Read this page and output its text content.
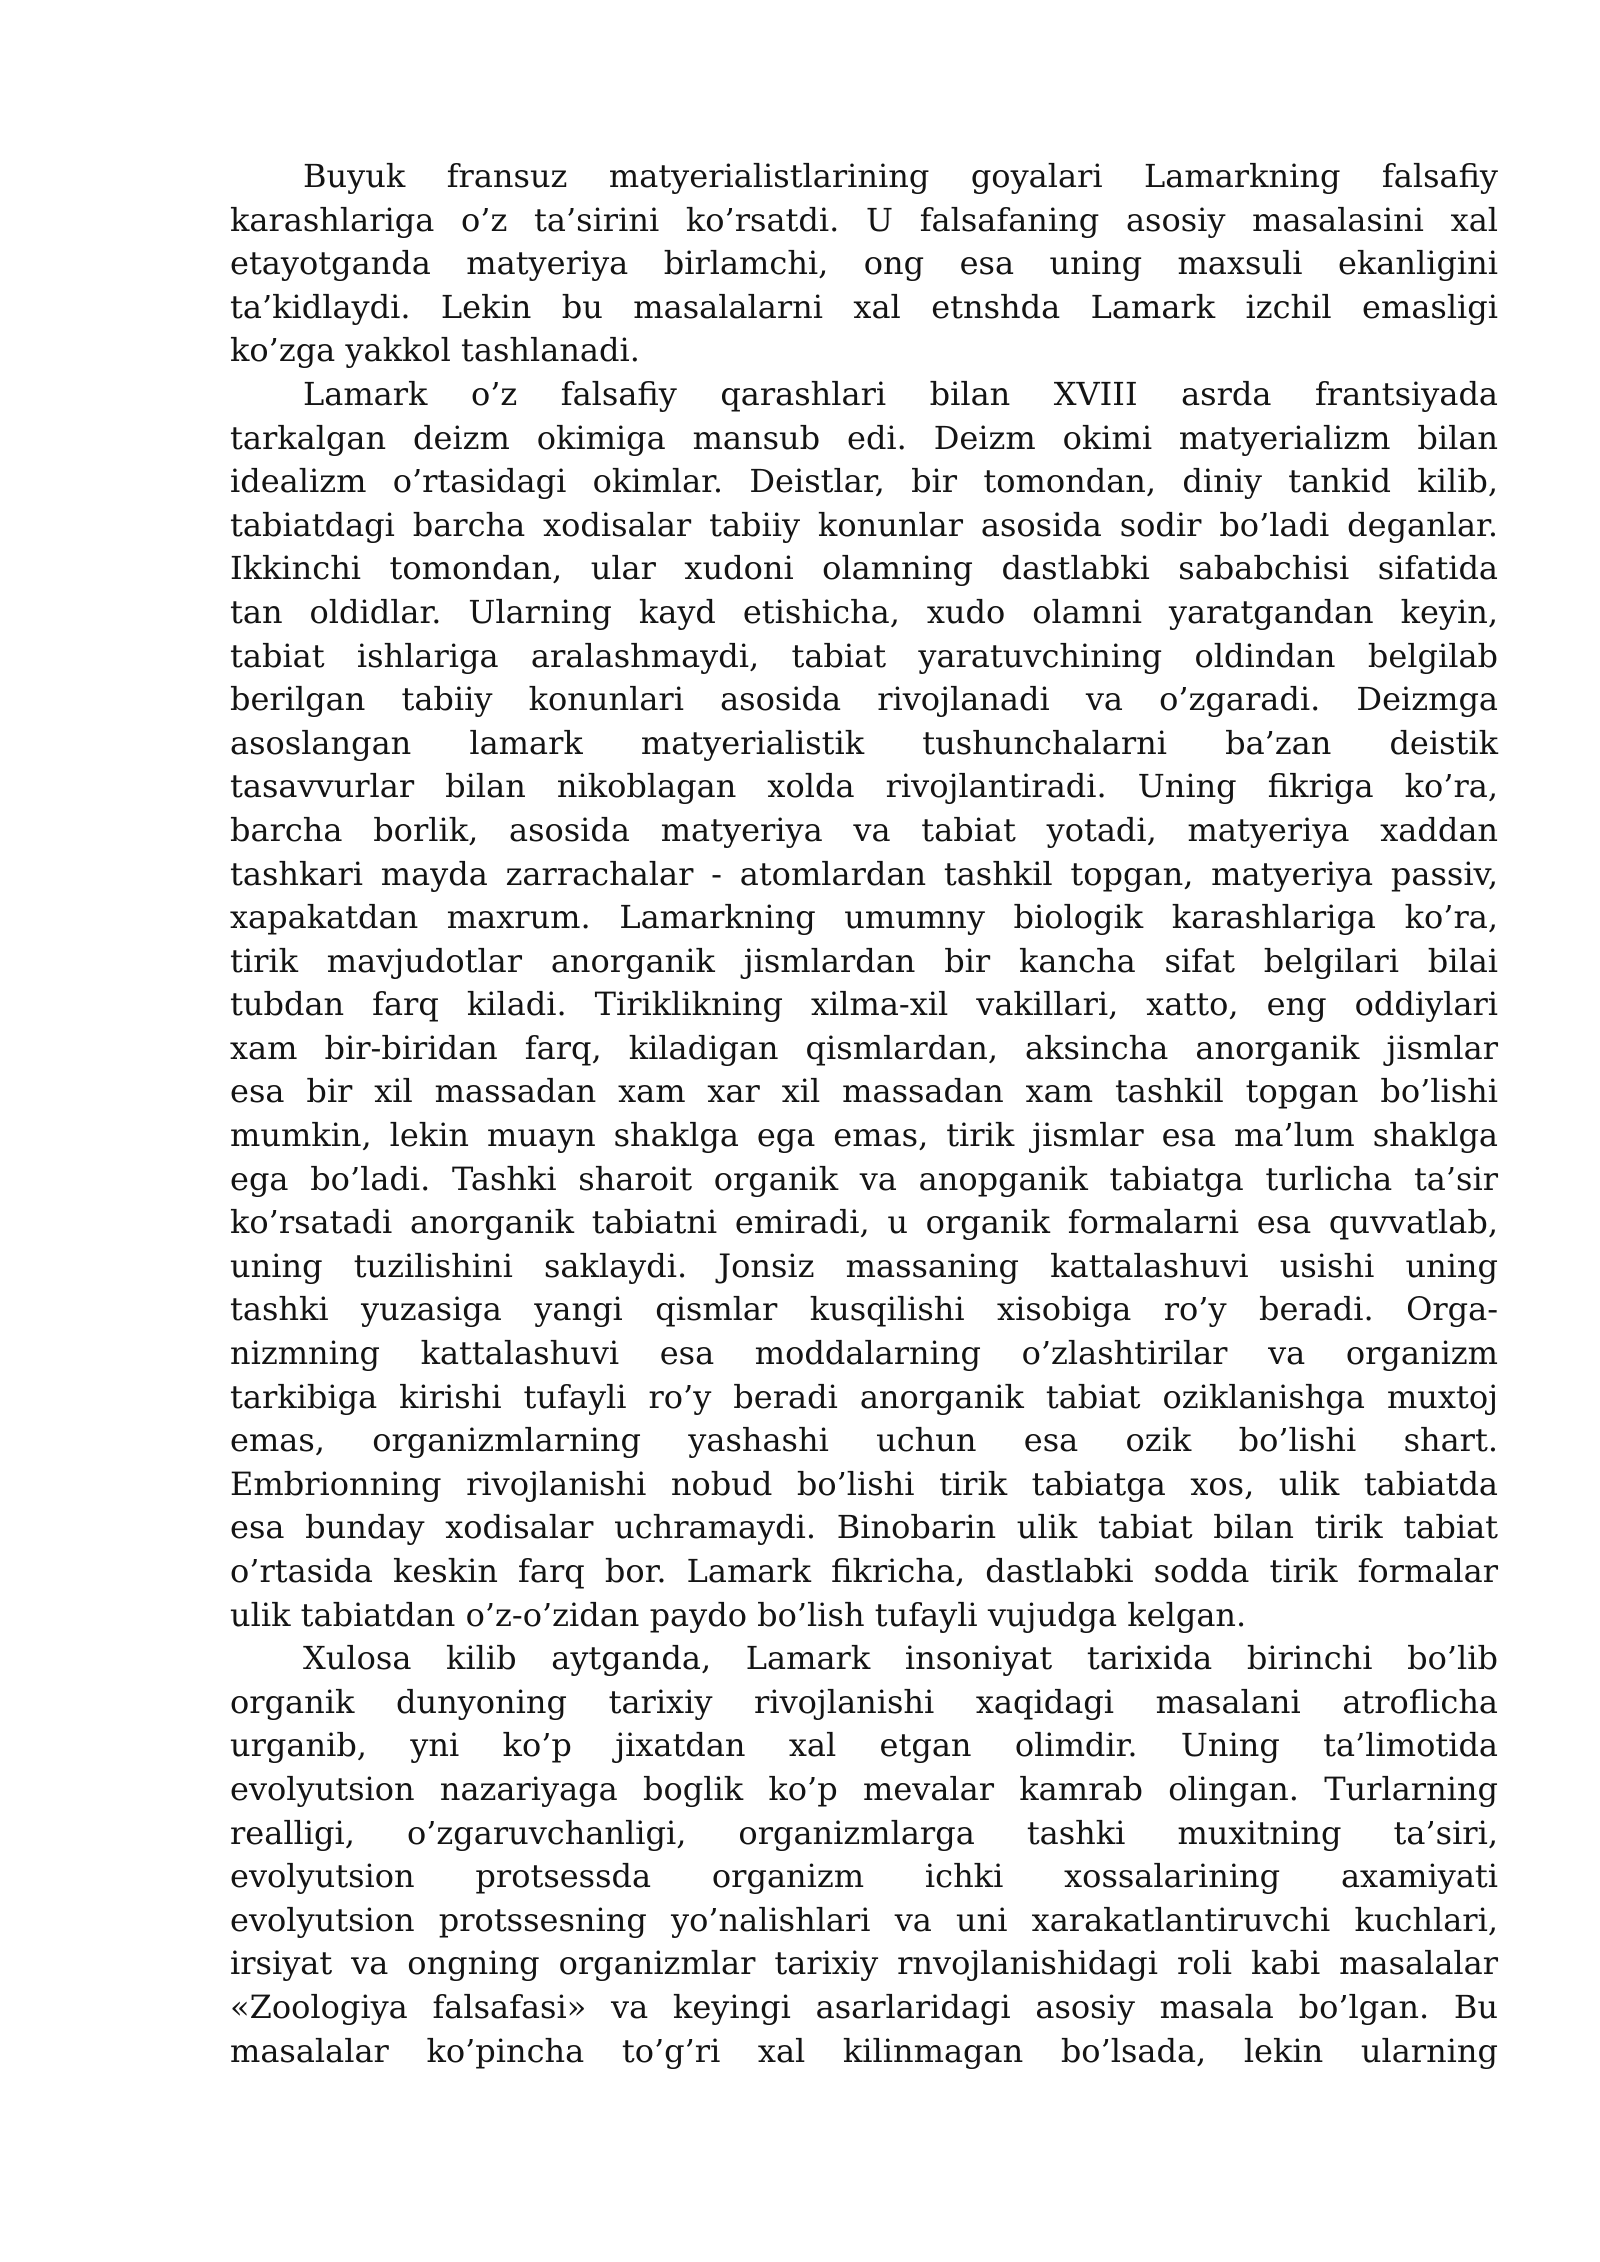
Buyuk fransuz matyerialistlarining goyalari Lamarkning falsafiy
karashlariga o’z ta’sirini ko’rsatdi. U falsafaning asosiy masalasini xal
etayotganda matyeriya birlamchi, ong esa uning maxsuli ekanligini
ta’kidlaydi. Lekin bu masalalarni xal etnshda Lamark izchil emasligi
ko’zga yakkol tashlanadi.
Lamark o’z falsafiy qarashlari bilan XVIII asrda frantsiyada
tarkalgan deizm okimiga mansub edi. Deizm okimi matyerializm bilan
idealizm o’rtasidagi okimlar. Deistlar, bir tomondan, diniy tankid kilib,
tabiatdagi barcha xodisalar tabiiy konunlar asosida sodir bo’ladi deganlar.
Ikkinchi tomondan, ular xudoni olamning dastlabki sababchisi sifatida
tan oldidlar. Ularning kayd etishicha, xudo olamni yaratgandan keyin,
tabiat ishlariga aralashmaydi, tabiat yaratuvchining oldindan belgilab
berilgan tabiiy konunlari asosida rivojlanadi va o’zgaradi. Deizmga
asoslangan lamark matyerialistik tushunchalarni ba’zan deistik
tasavvurlar bilan nikoblagan xolda rivojlantiradi. Uning fikriga ko’ra,
barcha borlik, asosida matyeriya va tabiat yotadi, matyeriya xaddan
tashkari mayda zarrachalar - atomlardan tashkil topgan, matyeriya passiv,
xapakatdan maxrum. Lamarkning umumny biologik karashlariga ko’ra,
tirik mavjudotlar anorganik jismlardan bir kancha sifat belgilari bilai
tubdan farq kiladi. Tiriklikning xilma-xil vakillari, xatto, eng oddiylari
xam bir-biridan farq, kiladigan qismlardan, aksincha anorganik jismlar
esa bir xil massadan xam xar xil massadan xam tashkil topgan bo’lishi
mumkin, lekin muayn shaklga ega emas, tirik jismlar esa ma’lum shaklga
ega bo’ladi. Tashki sharoit organik va anopganik tabiatga turlicha ta’sir
ko’rsatadi anorganik tabiatni emiradi, u organik formalarni esa quvvatlab,
uning tuzilishini saklaydi. Jonsiz massaning kattalashuvi usishi uning
tashki yuzasiga yangi qismlar kusqilishi xisobiga ro’y beradi. Orga-
nizmning kattalashuvi esa moddalarning o’zlashtirilar va organizm
tarkibiga kirishi tufayli ro’y beradi anorganik tabiat oziklanishga muxtoj
emas, organizmlarning yashashi uchun esa ozik bo’lishi shart.
Embrionning rivojlanishi nobud bo’lishi tirik tabiatga xos, ulik tabiatda
esa bunday xodisalar uchramaydi. Binobarin ulik tabiat bilan tirik tabiat
o’rtasida keskin farq bor. Lamark fikricha, dastlabki sodda tirik formalar
ulik tabiatdan o’z-o’zidan paydo bo’lish tufayli vujudga kelgan.
Xulosa kilib aytganda, Lamark insoniyat tarixida birinchi bo’lib
organik dunyoning tarixiy rivojlanishi xaqidagi masalani atroflicha
urganib, yni ko’p jixatdan xal etgan olimdir. Uning ta’limotida
evolyutsion nazariyaga boglik ko’p mevalar kamrab olingan. Turlarning
realligi, o’zgaruvchanligi, organizmlarga tashki muxitning ta’siri,
evolyutsion protsessda organizm ichki xossalarining axamiyati
evolyutsion protssesning yo’nalishlari va uni xarakatlantiruvchi kuchlari,
irsiyat va ongning organizmlar tarixiy rnvojlanishidagi roli kabi masalalar
«Zoologiya falsafasi» va keyingi asarlaridagi asosiy masala bo’lgan. Bu
masalalar ko’pincha to’g’ri xal kilinmagan bo’lsada, lekin ularning
